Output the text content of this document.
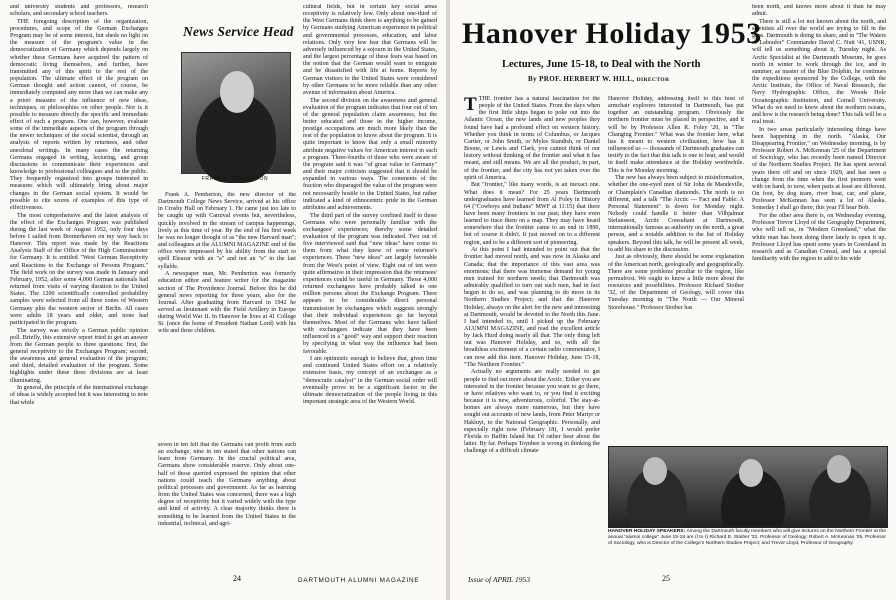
and university students and professors, research scholars, and secondary school teachers.

THE foregoing description of the organization, procedures, and scope of the German Exchanges Program may be of some interest, but sheds no light on the measure of the program's value in the democratization of Germany which depends largely on whether these Germans have acquired the pattern of democratic living themselves, and further, have transmitted any of this spirit to the rest of the population. The ultimate effect of the program on German thought and action cannot, of course, be immediately computed any more than we can make any a priori measure of the influence of new ideas, techniques, or philosophies on other people. Nor is it possible to measure directly the specific and immediate effect of such a program. One can, however, evaluate some of the immediate aspects of the program through the newer techniques of the social scientist, through an analysis of reports written by returnees, and other anecdotal writings. In many cases the returning Germans engaged in writing, lecturing, and group discussions to communicate their experiences and knowledge to professional colleagues and to the public. They frequently organized into groups interested in measures which will ultimately bring about major changes in the German social system. It would be possible to cite scores of examples of this type of effectiveness.

The most comprehensive and the latest analysis of the effect of the Exchanges Program was published during the last week of August 1952, only four days before I sailed from Bremerhaven on my way back to Hanover. This report was made by the Reactions Analysis Staff of the Office of the High Commissioner for Germany. It is entitled "West German Receptivity and Reactions to the Exchange of Persons Program." The field work on the survey was made in January and February, 1952, after some 4,000 German nationals had returned from visits of varying duration to the United States. The 1200 scientifically controlled probability samples were selected from all three zones of Western Germany plus the western sector of Berlin. All cases were adults 18 years and older, and none had participated in the program.

The survey was strictly a German public opinion poll. Briefly, this extensive report tried to get an answer from the German people to three questions: first, the general receptivity to the Exchanges Program; second, the awareness and general evaluation of the program; and third, detailed evaluation of the program. Some highlights under these three divisions are at least illuminating.

In general, the principle of the international exchange of ideas is widely accepted but it was interesting to note that while

News Service Head
FRANK A. PEMBERTON

Frank A. Pemberton, the new director of the Dartmouth College News Service, arrived at his office in Crosby Hall on February 1. He came just too late to be caught up with Carnival events but, nevertheless, quickly involved in the stream of campus happenings, lively at this time of year. By the end of his first week he was no longer thought of as "the new Harvard man"; and colleagues at the ALUMNI MAGAZINE end of the office were impressed by his ability from the start to spell Eleazar with an "a" and not an "e" in the last syllable.

A newspaper man, Mr. Pemberton was formerly education editor and feature writer for the magazine section of The Providence Journal. Before this he did general news reporting for three years, also for the Journal. After graduating from Harvard in 1942 he served as lieutenant with the Field Artillery in Europe during World War II. In Hanover he lives at 41 College St. (once the home of President Nathan Lord) with his wife and three children.

seven in ten felt that the Germans can profit from such an exchange, nine in ten stated that other nations can learn from Germany. In the crucial political area, Germans show considerable reserve. Only about one-half of those queried expressed the opinion that other nations could teach the Germans anything about political processes and government. As far as learning from the United States was concerned, there was a high degree of receptivity but it varied widely with the type and kind of activity. A clear majority thinks there is something to be learned from the United States in the industrial, technical, and agri-

cultural fields, but in certain key social areas receptivity is relatively low. Only about one-third of the West Germans think there is anything to be gained by Germans studying American experience in political and governmental processes, education, and labor relations. Only very few fear that Germans will be adversely influenced by a sojourn in the United States, and the largest percentage of these fears was based on the notion that the German would want to emigrate and be dissatisfied with life at home. Reports by German visitors to the United States were considered by other Germans to be more reliable than any other avenue of information about America.

The second division on the awareness and general evaluation of the program indicates that four out of ten of the general population claim awareness, but the better educated and those in the higher income, prestige occupations are much more likely than the rest of the population to know about the program. It is quite important to know that only a small minority attribute negative values for American interest in such a program. Three-fourths of those who were aware of the program said it was "of great value to Germany" and their major criticism suggested that it should be expanded in various ways. The comments of the fraction who disparaged the value of the program were not necessarily hostile to the United States, but rather indicated a kind of ethnocentric pride in the German attributes and achievements.

The third part of the survey confined itself to those Germans who were personally familiar with the exchangees' experiences; thereby some detailed evaluation of the program was indicated. Two out of five interviewed said that "new ideas" have come to them from what they knew of some returnee's experiences. These "new ideas" are largely favorable from the West's point of view. Eight out of ten were quite affirmative in their impression that the returnees' experiences could be useful in Germany. Those 4,000 returned exchangees have probably talked to one million persons about the Exchange Program. There appears to be considerable direct personal transmission by exchangees which suggests strongly that their individual experiences go far beyond themselves. Most of the Germans who have talked with exchangees indicate that they have been influenced in a "good" way and support their reaction by specifying in what way the influence had been favorable.

I am optimistic enough to believe that, given time and continued United States effort on a relatively extensive basis, my concept of an exchangee as a "democratic catalyst" in the German social order will eventually prove to be a significant factor in the ultimate democratization of the people living in this important strategic area of the Western World.

24	DARTMOUTH ALUMNI MAGAZINE
Hanover Holiday 1953
Lectures, June 15-18, to Deal with the North
By PROF. HERBERT W. HILL, DIRECTOR

TTHE frontier has a natural fascination for the people of the United States. From the days when the first little ships began to poke out into the Atlantic Ocean, the new lands and new peoples they found have had a profound effect on western history. Whether you think in terms of Columbus, or Jacques Cartier, or John Smith, or Myles Standish, or Daniel Boone, or Lewis and Clark, you cannot think of our history without thinking of the frontier and what it has meant, and still means. We are all the product, in part, of the frontier, and the city has not yet taken over the spirit of America.

But "frontier," like many words, is an inexact one. What does it mean? For 25 years Dartmouth undergraduates have learned from Al Foley in History 64 ("Cowboys and Indians" MWF at 11:15) that there have been many frontiers in our past; they have even learned to trace them on a map. They may have heard somewhere that the frontier came to an end in 1890, but of course it didn't. It just moved on to a different region, and to be a different sort of pioneering.

At this point I had intended to point out that the frontier had moved north, and was now in Alaska and Canada; that the importance of this vast area was enormous; that there was immense demand for young men trained for northern needs; that Dartmouth was admirably qualified to turn out such men, had in fact begun to do so, and was planning to do more in its Northern Studies Project; and that the Hanover Holiday, always on the alert for the new and interesting at Dartmouth, would be devoted to the North this June. I had intended to, until I picked up the February ALUMNI MAGAZINE, and read the excellent article by Jack Hurd doing nearly all that. The only thing left out was Hanover Holiday, and so, with all the breathless excitement of a certain radio commentator, I can now add this item. Hanover Holiday, June 15-18, "The Northern Frontier."

Actually no arguments are really needed to get people to find out more about the Arctic. Either you are interested in the frontier because you want to go there, or have relatives who want to, or you find it exciting because it is new, adventurous, colorful. The stay-at-homes are always more numerous, but they have sought out accounts of new lands, from Peter Martyr or Hakluyt, to the National Geographic. Personally, and especially right now (February 18), I would prefer Florida to Baffin Island but I'd rather hear about the latter. By far. Perhaps Toynbee is wrong in thinking the challenge of a difficult climate

Hanover Holiday, addressing itself to this host of armchair explorers interested in Dartmouth, has put together an outstanding program. Obviously the northern frontier must be placed in perspective, and it will be by Professor Allen R. Foley '20, in "The Changing Frontier." What was the frontier here, what has it meant to western civilization, how has it influenced us — thousands of Dartmouth graduates can testify to the fact that this talk is one to hear, and would in itself make attendance at the Holiday worthwhile. This is for Monday morning.

The new has always been subject to misinformation, whether the one-eyed men of Sir John de Mandeville, or Champlain's Canadian diamonds. The north is no different, and a talk "The Arctic — Fact and Fable: A Personal Statement" is down for Monday night. Nobody could handle it better than Vilhjalmur Stefansson, Arctic Consultant at Dartmouth, internationally famous as authority on the north, a great person, and a notable addition to the list of Holiday speakers. Beyond this talk, he will be present all week, to add his share to the discussion.

Just as obviously, there should be some explanation of the American north, geologically and geographically. There are some problems peculiar to the region, like permafrost. We ought to know a little more about the resources and possibilities. Professor Richard Stoiber '32, of the Department of Geology, will cover this Tuesday morning in "The North — Our Mineral Storehouse." Professor Stoiber has

been north, and knows more about it than he may admit.

There is still a lot not known about the north, and scientists all over the world are trying to fill in the gaps. Dartmouth is doing its share, and in "The Waters of Labrador" Commander David C. Nutt '41, USNR, will tell us something about it, Tuesday night. As Arctic Specialist at the Dartmouth Museum, he goes north in winter to work through the ice, and in summer, as master of the Blue Dolphin, he continues the expeditions sponsored by the College, with the Arctic Institute, the Office of Naval Research, the Navy Hydrographic Office, the Woods Hole Oceanographic Institution, and Cornell University. What do we need to know about the northern oceans, and how is the research being done? This talk will be a real treat.

In two areas particularly interesting things have been happening in the north. "Alaska, Our Disappearing Frontier," on Wednesday morning, is by Professor Robert A. McKennan '25 of the Department of Sociology, who has recently been named Director of the Northern Studies Project. He has spent several years there off and on since 1929, and has seen a change from the time when the first pioneers went with on hand, to now, when parts at least are different. On foot, by dog team, river boat, car, and plane, Professor McKennan has seen a lot of Alaska. Someday I shall go there; this year I'll hear Bob.

For the other area there is, on Wednesday evening, Professor Trevor Lloyd of the Geography Department, who will tell us, in "Modern Greenland," what the white man has been doing there lately to open it up. Professor Lloyd has spent some years in Greenland in research and as Canadian Consul, and has a special familiarity with the region to add to his wide

HANOVER HOLIDAY SPEAKERS: Among the Dartmouth faculty members who will give lectures on the Northern Frontier at the annual "alumni college" June 15-18 are (l to r) Richard E. Stoiber '32, Professor of Geology; Robert A. McKennan '25, Professor of Sociology, who is Director of the College's Northern Studies Project; and Trevor Lloyd, Professor of Geography.
Issue of APRIL 1953	25
